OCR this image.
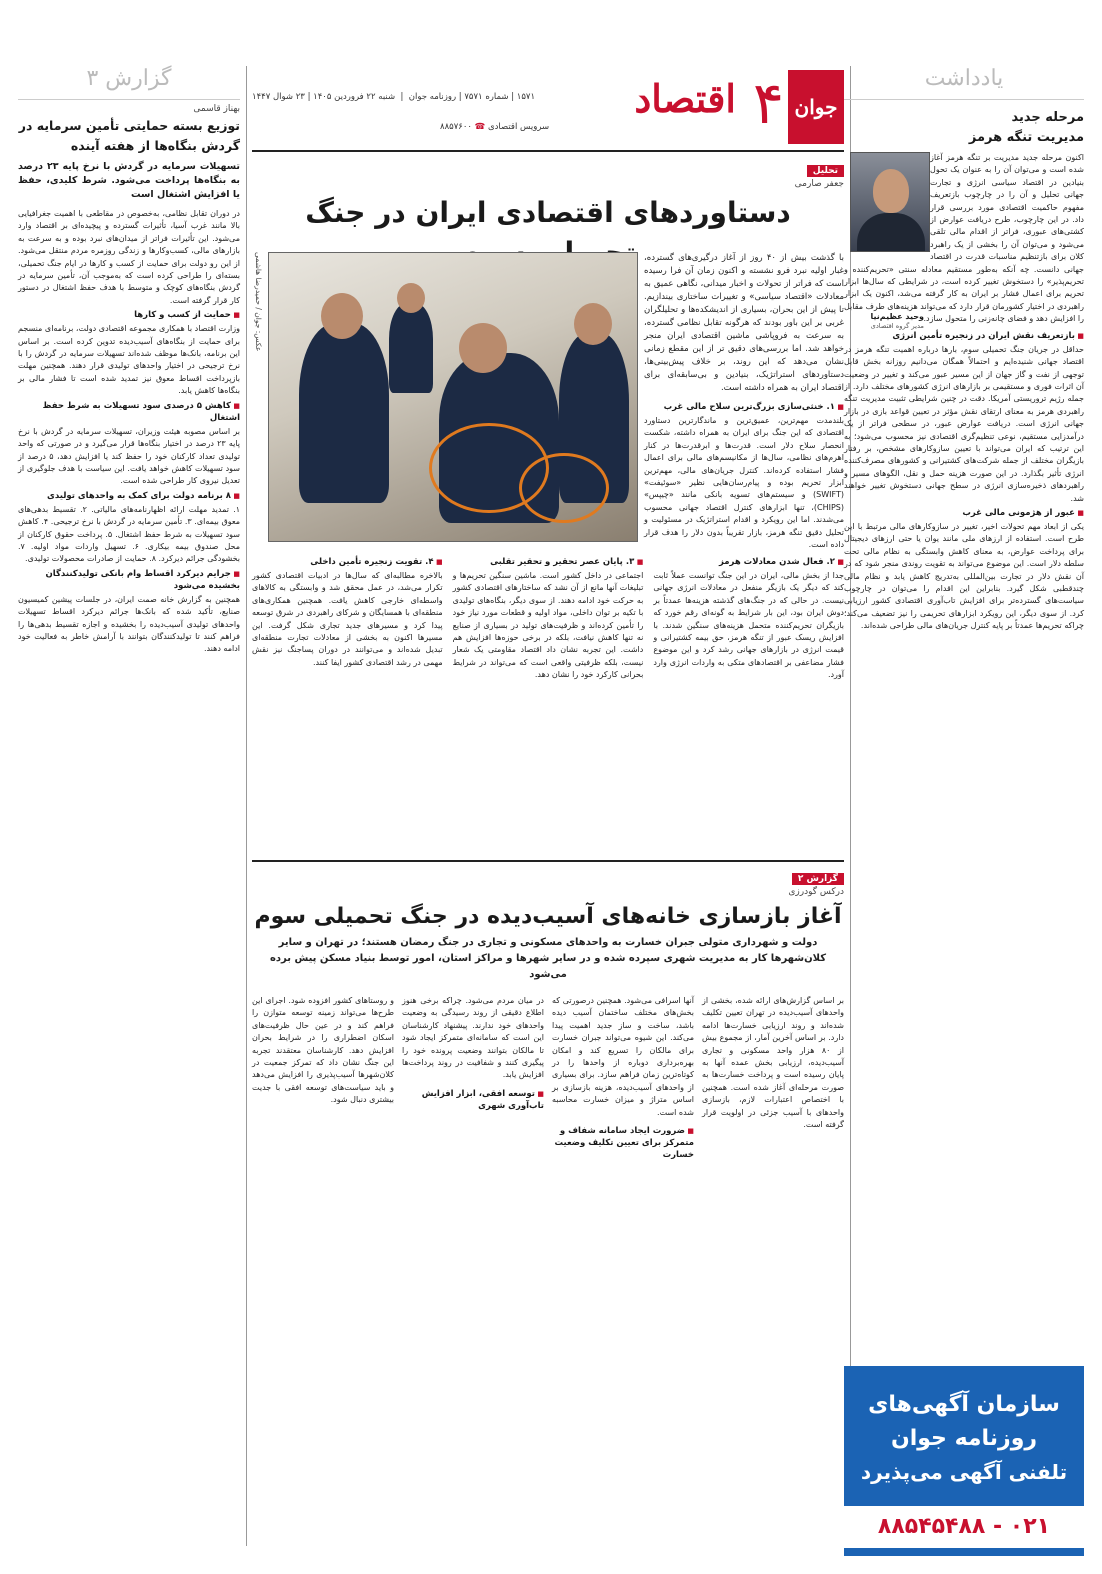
یادداشت
مرحله جدید
مدیریت تنگه هرمز
اکنون مرحله جدید مدیریت بر تنگه هرمز آغاز شده است و می‌توان آن را به عنوان یک تحول بنیادین در اقتصاد سیاسی انرژی و تجارت جهانی تحلیل و آن را در چارچوب بازتعریف مفهوم حاکمیت اقتصادی مورد بررسی قرار داد. در این چارچوب، طرح دریافت عوارض از کشتی‌های عبوری، فراتر از اقدام مالی تلقی می‌شود و می‌توان آن را بخشی از یک راهبرد کلان برای بازتنظیم مناسبات قدرت در اقتصاد جهانی دانست. چه آنکه به‌طور مستقیم معادله سنتی «تحریم‌کننده و تحریم‌پذیر» را دستخوش تغییر کرده است، در شرایطی که سال‌ها ابزار تحریم برای اعمال فشار بر ایران به کار گرفته می‌شد، اکنون یک ابزار راهبردی در اختیار کشورمان قرار دارد که می‌تواند هزینه‌های طرف مقابل را افزایش دهد و فضای چانه‌زنی را متحول سازد.
وحید عظیم‌نیا
مدیر گروه اقتصادی
■ بازتعریف نقش ایران در زنجیره تأمین انرژی
حداقل در جریان جنگ تحمیلی سوم، بارها درباره اهمیت تنگه هرمز در اقتصاد جهانی شنیده‌ایم و احتمالاً همگان می‌دانیم روزانه بخش قابل توجهی از نفت و گاز جهان از این مسیر عبور می‌کند و تغییر در وضعیت آن اثرات فوری و مستقیمی بر بازارهای انرژی کشورهای مختلف دارد. از جمله رژیم تروریستی آمریکا. دقت در چنین شرایطی تثبیت مدیریت تنگه راهبردی هرمز به معنای ارتقای نقش مؤثر در تعیین قواعد بازی در بازار جهانی انرژی است. دریافت عوارض عبور، در سطحی فراتر از یک درآمدزایی مستقیم، نوعی تنظیم‌گری اقتصادی نیز محسوب می‌شود؛ به این ترتیب که ایران می‌تواند با تعیین سازوکارهای مشخص، بر رفتار بازیگران مختلف از جمله شرکت‌های کشتیرانی و کشورهای مصرف‌کننده انرژی تأثیر بگذارد. در این صورت هزینه حمل و نقل، الگوهای مسیر و راهبردهای ذخیره‌سازی انرژی در سطح جهانی دستخوش تغییر خواهند شد.
■ عبور از هژمونی مالی غرب
یکی از ابعاد مهم تحولات اخیر، تغییر در سازوکارهای مالی مرتبط با این طرح است. استفاده از ارزهای ملی مانند یوان یا حتی ارزهای دیجیتال برای پرداخت عوارض، به معنای کاهش وابستگی به نظام مالی تحت سلطه دلار است. این موضوع می‌تواند به تقویت روندی منجر شود که در آن نقش دلار در تجارت بین‌المللی به‌تدریج کاهش یابد و نظام مالی چندقطبی شکل گیرد. بنابراین این اقدام را می‌توان در چارچوب سیاست‌های گسترده‌تر برای افزایش تاب‌آوری اقتصادی کشور ارزیابی کرد. از سوی دیگر، این رویکرد ابزارهای تحریمی را نیز تضعیف می‌کند؛ چراکه تحریم‌ها عمدتاً بر پایه کنترل جریان‌های مالی طراحی شده‌اند.
سازمان آگهی‌های
روزنامه جوان
تلفنی آگهی می‌پذیرد
۰۲۱ - ۸۸۵۴۵۴۸۸
جوان
۴
اقتصاد
۱۵۷۱ | شماره ۷۵۷۱ | روزنامه جوان  |  شنبه ۲۲ فروردین ۱۴۰۵ | ۲۳ شوال ۱۴۴۷
سرویس اقتصادی ☎ ۸۸۵۷۶۰۰
تحلیل
جعفر صارمی
دستاوردهای اقتصادی ایران در جنگ
عکس: جوان / حمیدرضا هاشمی	با گذشت بیش از ۴۰ روز از آغاز درگیری‌های گسترده، غبار اولیه نبرد فرو نشسته و اکنون زمان آن فرا رسیده است که فراتر از تحولات و اخبار میدانی، نگاهی عمیق به معادلات «اقتصاد سیاسی» و تغییرات ساختاری بیندازیم. تا پیش از این بحران، بسیاری از اندیشکده‌ها و تحلیلگران غربی بر این باور بودند که هرگونه تقابل نظامی گسترده، به سرعت به فروپاشی ماشین اقتصادی ایران منجر خواهد شد. اما بررسی‌های دقیق تر از این مقطع زمانی نشان می‌دهد که این روند، بر خلاف پیش‌بینی‌ها، دستاوردهای استراتژیک، بنیادین و بی‌سابقه‌ای برای اقتصاد ایران به همراه داشته است.
■ ۱. خنثی‌سازی بزرگ‌ترین سلاح مالی غرب
بلندمدت مهم‌ترین، عمیق‌ترین و ماندگارترین دستاورد اقتصادی که این جنگ برای ایران به همراه داشته، شکست انحصار سلاح دلار است. قدرت‌ها و ابرقدرت‌ها در کنار اهرم‌های نظامی، سال‌ها از مکانیسم‌های مالی برای اعمال فشار استفاده کرده‌اند. کنترل جریان‌های مالی، مهم‌ترین ابزار تحریم بوده و پیام‌رسان‌هایی نظیر «سوئیفت» (SWIFT) و سیستم‌های تسویه بانکی مانند «چیپس» (CHIPS)، تنها ابزارهای کنترل اقتصاد جهانی محسوب می‌شدند. اما این رویکرد و اقدام استراتژیک در مسئولیت و تحلیل دقیق تنگه هرمز، بازار تقریباً بدون دلار را هدف قرار داده است.
■ ۲. فعال شدن معادلات هرمز
جدا از بخش مالی، ایران در این جنگ توانست عملاً ثابت کند که دیگر یک بازیگر منفعل در معادلات انرژی جهانی نیست. در حالی که در جنگ‌های گذشته هزینه‌ها عمدتاً بر دوش ایران بود، این بار شرایط به گونه‌ای رقم خورد که بازیگران تحریم‌کننده متحمل هزینه‌های سنگین شدند. با افزایش ریسک عبور از تنگه هرمز، حق بیمه کشتیرانی و قیمت انرژی در بازارهای جهانی رشد کرد و این موضوع فشار مضاعفی بر اقتصادهای متکی به واردات انرژی وارد آورد.
■ ۳. پایان عصر تحقیر و تحقیر تقلبی
اجتماعی در داخل کشور است. ماشین سنگین تحریم‌ها و تبلیغات آنها مانع از آن نشد که ساختارهای اقتصادی کشور به حرکت خود ادامه دهند. از سوی دیگر، بنگاه‌های تولیدی با تکیه بر توان داخلی، مواد اولیه و قطعات مورد نیاز خود را تأمین کرده‌اند و ظرفیت‌های تولید در بسیاری از صنایع نه تنها کاهش نیافت، بلکه در برخی حوزه‌ها افزایش هم داشت. این تجربه نشان داد اقتصاد مقاومتی یک شعار نیست، بلکه ظرفیتی واقعی است که می‌تواند در شرایط بحرانی کارکرد خود را نشان دهد.
■ ۴. تقویت زنجیره تأمین داخلی
بالاخره مطالبه‌ای که سال‌ها در ادبیات اقتصادی کشور تکرار می‌شد، در عمل محقق شد و وابستگی به کالاهای واسطه‌ای خارجی کاهش یافت. همچنین همکاری‌های منطقه‌ای با همسایگان و شرکای راهبردی در شرق توسعه پیدا کرد و مسیرهای جدید تجاری شکل گرفت. این مسیرها اکنون به بخشی از معادلات تجارت منطقه‌ای تبدیل شده‌اند و می‌توانند در دوران پساجنگ نیز نقش مهمی در رشد اقتصادی کشور ایفا کنند.
گزارش ۲
درکس گودرزی
آغاز بازسازی خانه‌های آسیب‌دیده در جنگ تحمیلی سوم
دولت و شهرداری متولی جبران خسارت به واحدهای مسکونی و تجاری در جنگ رمضان هستند؛ در تهران و سایر کلان‌شهرها کار به مدیریت شهری سپرده شده و در سایر شهرها و مراکز استان، امور توسط بنیاد مسکن پیش برده می‌شود
بر اساس گزارش‌های ارائه شده، بخشی از واحدهای آسیب‌دیده در تهران تعیین تکلیف شده‌اند و روند ارزیابی خسارت‌ها ادامه دارد. بر اساس آخرین آمار، از مجموع بیش از ۸۰ هزار واحد مسکونی و تجاری آسیب‌دیده، ارزیابی بخش عمده آنها به پایان رسیده است و پرداخت خسارت‌ها به صورت مرحله‌ای آغاز شده است. همچنین با اختصاص اعتبارات لازم، بازسازی واحدهای با آسیب جزئی در اولویت قرار گرفته است.
آنها اسرافی می‌شود. همچنین درصورتی که بخش‌های مختلف ساختمان آسیب دیده باشد، ساخت و ساز جدید اهمیت پیدا می‌کند. این شیوه می‌تواند جبران خسارت برای مالکان را تسریع کند و امکان بهره‌برداری دوباره از واحدها را در کوتاه‌ترین زمان فراهم سازد. برای بسیاری از واحدهای آسیب‌دیده، هزینه بازسازی بر اساس متراژ و میزان خسارت محاسبه شده است.
■ ضرورت ایجاد سامانه شفاف و متمرکز برای تعیین تکلیف وضعیت خسارت
در میان مردم می‌شود. چراکه برخی هنوز اطلاع دقیقی از روند رسیدگی به وضعیت واحدهای خود ندارند. پیشنهاد کارشناسان این است که سامانه‌ای متمرکز ایجاد شود تا مالکان بتوانند وضعیت پرونده خود را پیگیری کنند و شفافیت در روند پرداخت‌ها افزایش یابد.
■ توسعه افقی، ابزار افزایش تاب‌آوری شهری
و روستاهای کشور افزوده شود. اجرای این طرح‌ها می‌تواند زمینه توسعه متوازن را فراهم کند و در عین حال ظرفیت‌های اسکان اضطراری را در شرایط بحران افزایش دهد. کارشناسان معتقدند تجربه این جنگ نشان داد که تمرکز جمعیت در کلان‌شهرها آسیب‌پذیری را افزایش می‌دهد و باید سیاست‌های توسعه افقی با جدیت بیشتری دنبال شود.
گزارش ۳
بهناز قاسمی
توزیع بسته حمایتی تأمین سرمایه در گردش بنگاه‌ها از هفته آینده
تسهیلات سرمایه در گردش با نرخ پایه ۲۳ درصد به بنگاه‌ها پرداخت می‌شود. شرط کلیدی، حفظ یا افزایش اشتغال است
در دوران تقابل نظامی، به‌خصوص در مقاطعی با اهمیت جغرافیایی بالا مانند غرب آسیا، تأثیرات گسترده و پیچیده‌ای بر اقتصاد وارد می‌شود. این تأثیرات فراتر از میدان‌های نبرد بوده و به سرعت به بازارهای مالی، کسب‌وکارها و زندگی روزمره مردم منتقل می‌شود. از این رو دولت برای حمایت از کسب و کارها در ایام جنگ تحمیلی، بسته‌ای را طراحی کرده است که به‌موجب آن، تأمین سرمایه در گردش بنگاه‌های کوچک و متوسط با هدف حفظ اشتغال در دستور کار قرار گرفته است.
■ حمایت از کسب و کارها
وزارت اقتصاد با همکاری مجموعه اقتصادی دولت، برنامه‌ای منسجم برای حمایت از بنگاه‌های آسیب‌دیده تدوین کرده است. بر اساس این برنامه، بانک‌ها موظف شده‌اند تسهیلات سرمایه در گردش را با نرخ ترجیحی در اختیار واحدهای تولیدی قرار دهند. همچنین مهلت بازپرداخت اقساط معوق نیز تمدید شده است تا فشار مالی بر بنگاه‌ها کاهش یابد.
■ کاهش ۵ درصدی سود تسهیلات به شرط حفظ اشتغال
بر اساس مصوبه هیئت وزیران، تسهیلات سرمایه در گردش با نرخ پایه ۲۳ درصد در اختیار بنگاه‌ها قرار می‌گیرد و در صورتی که واحد تولیدی تعداد کارکنان خود را حفظ کند یا افزایش دهد، ۵ درصد از سود تسهیلات کاهش خواهد یافت. این سیاست با هدف جلوگیری از تعدیل نیروی کار طراحی شده است.
■ ۸ برنامه دولت برای کمک به واحدهای تولیدی
۱. تمدید مهلت ارائه اظهارنامه‌های مالیاتی. ۲. تقسیط بدهی‌های معوق بیمه‌ای. ۳. تأمین سرمایه در گردش با نرخ ترجیحی. ۴. کاهش سود تسهیلات به شرط حفظ اشتغال. ۵. پرداخت حقوق کارکنان از محل صندوق بیمه بیکاری. ۶. تسهیل واردات مواد اولیه. ۷. بخشودگی جرائم دیرکرد. ۸. حمایت از صادرات محصولات تولیدی.
■ جرایم دیرکرد اقساط وام بانکی تولیدکنندگان بخشیده می‌شود
همچنین به گزارش خانه صمت ایران، در جلسات پیشین کمیسیون صنایع، تأکید شده که بانک‌ها جرائم دیرکرد اقساط تسهیلات واحدهای تولیدی آسیب‌دیده را بخشیده و اجازه تقسیط بدهی‌ها را فراهم کنند تا تولیدکنندگان بتوانند با آرامش خاطر به فعالیت خود ادامه دهند.
